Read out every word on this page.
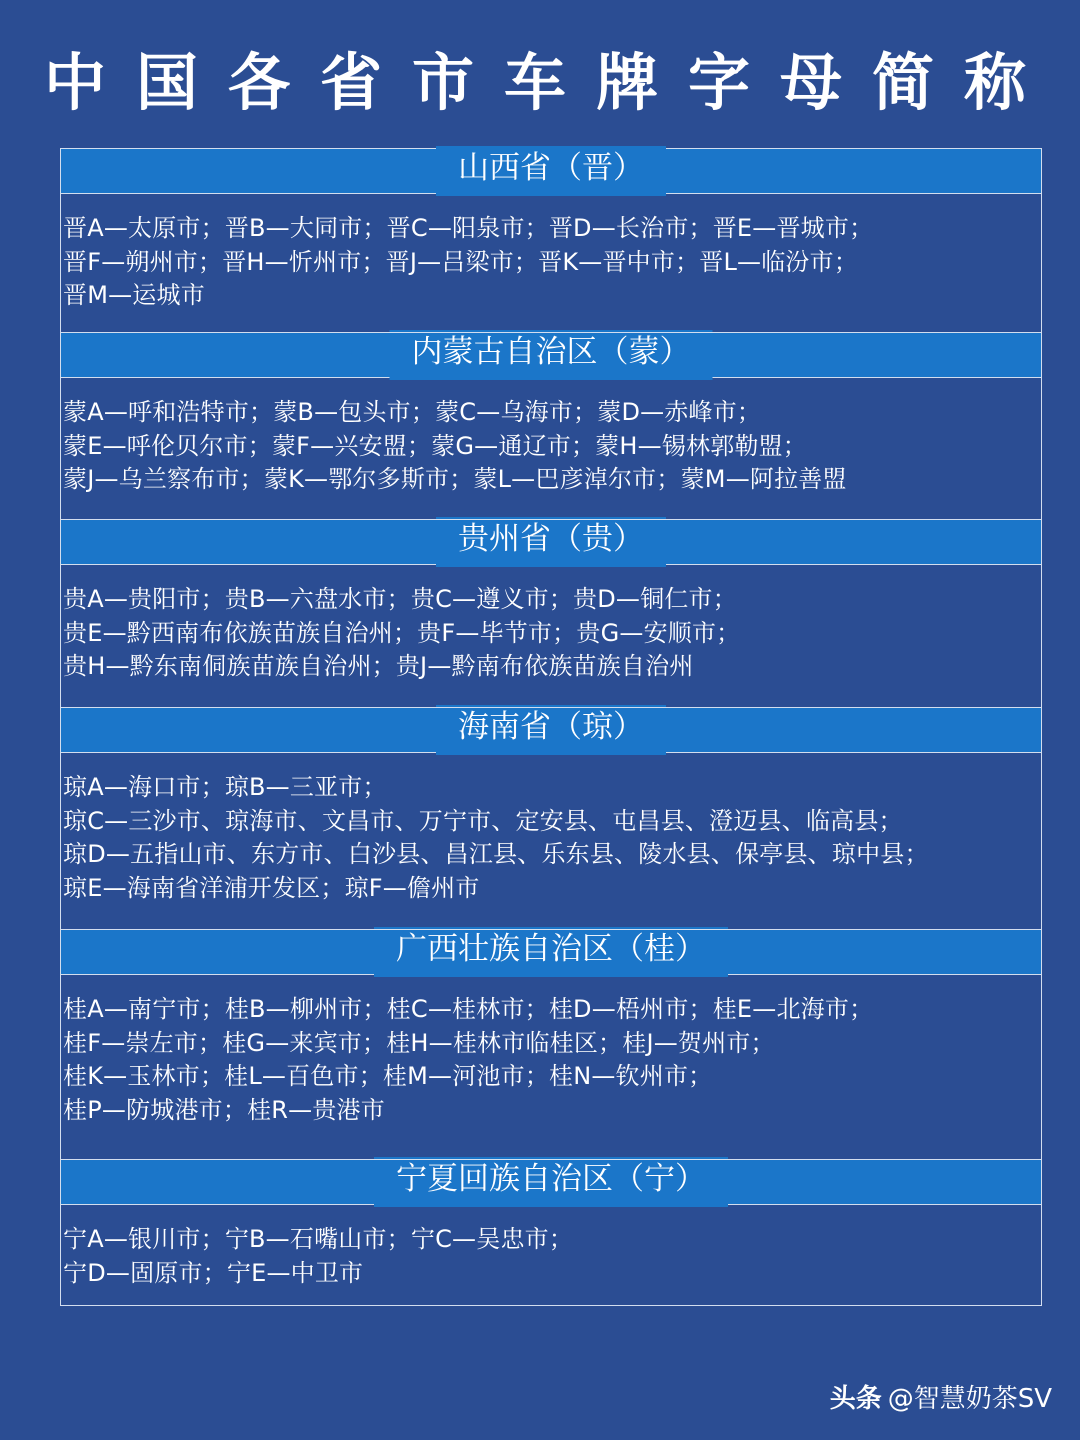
中国各省市车牌字母简称
山西省（晋）
晋A—太原市；晋B—大同市；晋C—阳泉市；晋D—长治市；晋E—晋城市；
晋F—朔州市；晋H—忻州市；晋J—吕梁市；晋K—晋中市；晋L—临汾市；
晋M—运城市
内蒙古自治区（蒙）
蒙A—呼和浩特市；蒙B—包头市；蒙C—乌海市；蒙D—赤峰市；
蒙E—呼伦贝尔市；蒙F—兴安盟；蒙G—通辽市；蒙H—锡林郭勒盟；
蒙J—乌兰察布市；蒙K—鄂尔多斯市；蒙L—巴彦淖尔市；蒙M—阿拉善盟
贵州省（贵）
贵A—贵阳市；贵B—六盘水市；贵C—遵义市；贵D—铜仁市；
贵E—黔西南布依族苗族自治州；贵F—毕节市；贵G—安顺市；
贵H—黔东南侗族苗族自治州；贵J—黔南布依族苗族自治州
海南省（琼）
琼A—海口市；琼B—三亚市；
琼C—三沙市、琼海市、文昌市、万宁市、定安县、屯昌县、澄迈县、临高县；
琼D—五指山市、东方市、白沙县、昌江县、乐东县、陵水县、保亭县、琼中县；
琼E—海南省洋浦开发区；琼F—儋州市
广西壮族自治区（桂）
桂A—南宁市；桂B—柳州市；桂C—桂林市；桂D—梧州市；桂E—北海市；
桂F—崇左市；桂G—来宾市；桂H—桂林市临桂区；桂J—贺州市；
桂K—玉林市；桂L—百色市；桂M—河池市；桂N—钦州市；
桂P—防城港市；桂R—贵港市
宁夏回族自治区（宁）
宁A—银川市；宁B—石嘴山市；宁C—吴忠市；
宁D—固原市；宁E—中卫市
头条 @智慧奶茶SV
